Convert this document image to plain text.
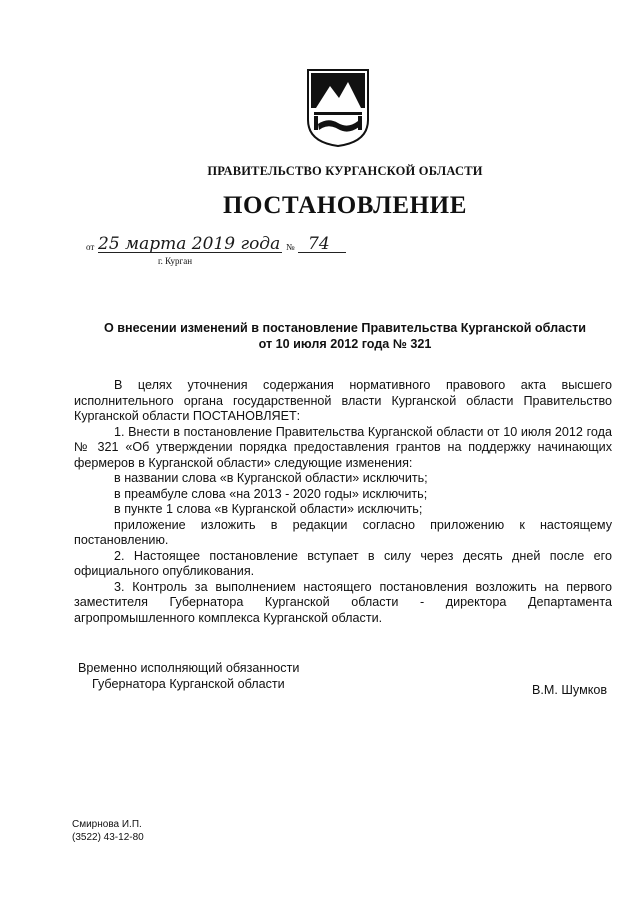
ПРАВИТЕЛЬСТВО КУРГАНСКОЙ ОБЛАСТИ
ПОСТАНОВЛЕНИЕ
от 25 марта 2019 года № 74
г. Курган
О внесении изменений в постановление Правительства Курганской области
от 10 июля 2012 года № 321

В целях уточнения содержания нормативного правового акта высшего исполнительного органа государственной власти Курганской области Правительство Курганской области ПОСТАНОВЛЯЕТ:

1. Внести в постановление Правительства Курганской области от 10 июля 2012 года № 321 «Об утверждении порядка предоставления грантов на поддержку начинающих фермеров в Курганской области» следующие изменения:

в названии слова «в Курганской области» исключить;

в преамбуле слова «на 2013 - 2020 годы» исключить;

в пункте 1 слова «в Курганской области» исключить;

приложение изложить в редакции согласно приложению к настоящему постановлению.

2. Настоящее постановление вступает в силу через десять дней после его официального опубликования.

3. Контроль за выполнением настоящего постановления возложить на первого заместителя Губернатора Курганской области - директора Департамента агропромышленного комплекса Курганской области.

Временно исполняющий обязанности
Губернатора Курганской области	В.М. Шумков
Смирнова И.П.
(3522) 43-12-80
